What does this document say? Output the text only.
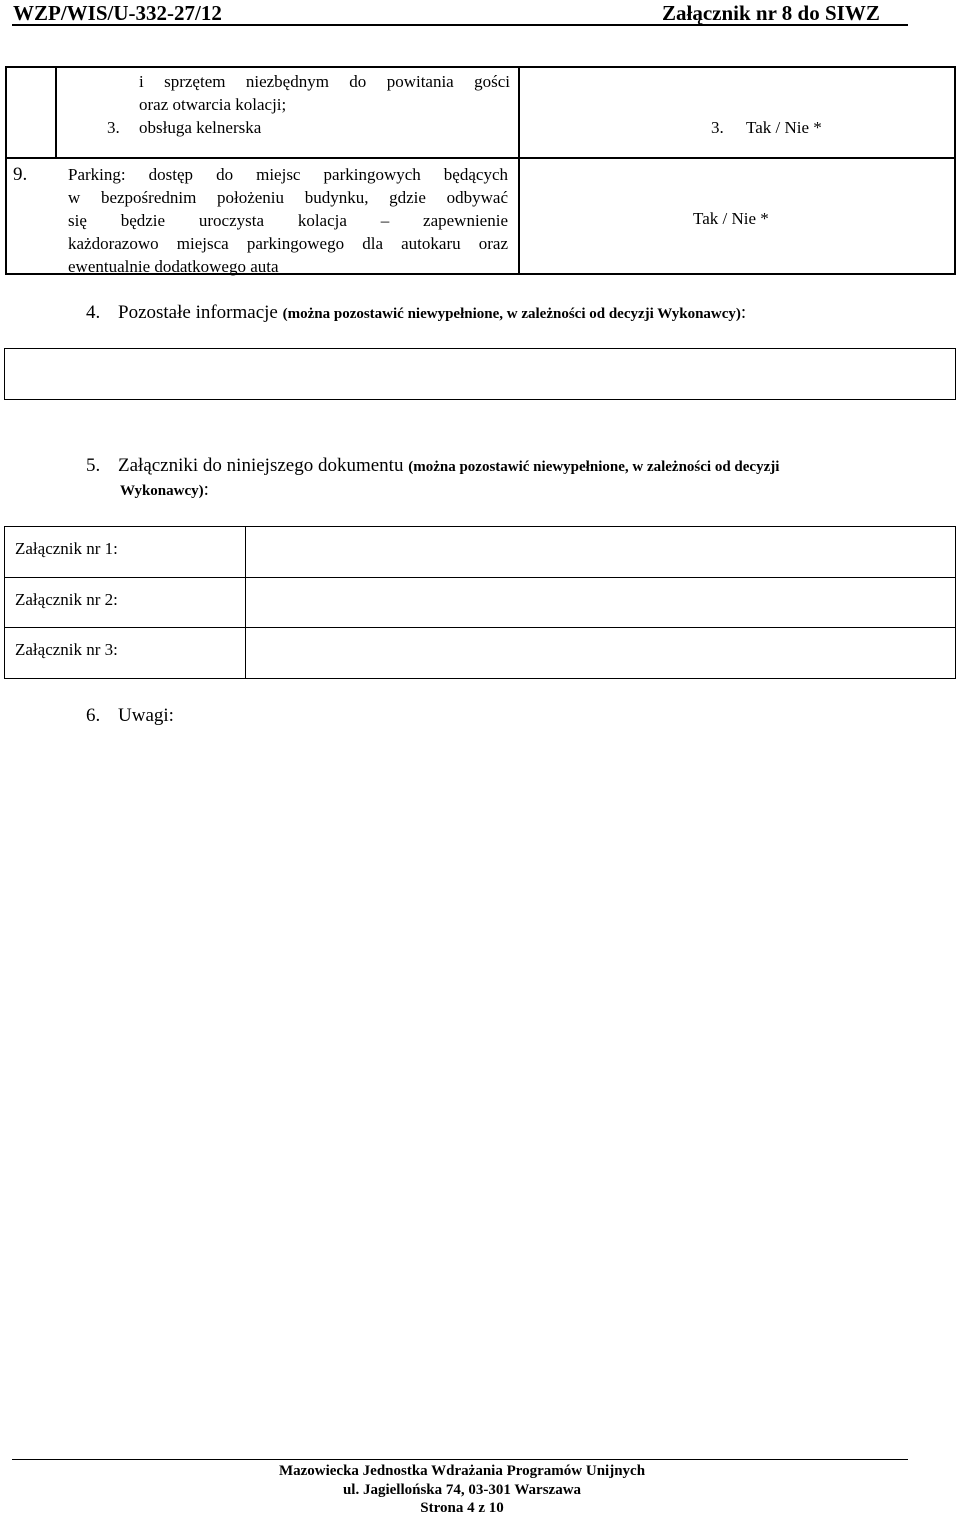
WZP/WIS/U-332-27/12	Załącznik nr 8 do SIWZ
i sprzętem niezbędnym do powitania gości
oraz otwarcia kolacji;
3. obsługa kelnerska	3. Tak / Nie *
9. Parking: dostęp do miejsc parkingowych będących
w bezpośrednim położeniu budynku, gdzie odbywać
się będzie uroczysta kolacja – zapewnienie
każdorazowo miejsca parkingowego dla autokaru oraz
ewentualnie dodatkowego auta
Tak / Nie *
4. Pozostałe informacje (można pozostawić niewypełnione, w zależności od decyzji Wykonawcy):
5. Załączniki do niniejszego dokumentu (można pozostawić niewypełnione, w zależności od decyzji
Wykonawcy):
Załącznik nr 1:
Załącznik nr 2:
Załącznik nr 3:
6. Uwagi:
Mazowiecka Jednostka Wdrażania Programów Unijnych
ul. Jagiellońska 74, 03-301 Warszawa
Strona 4 z 10
